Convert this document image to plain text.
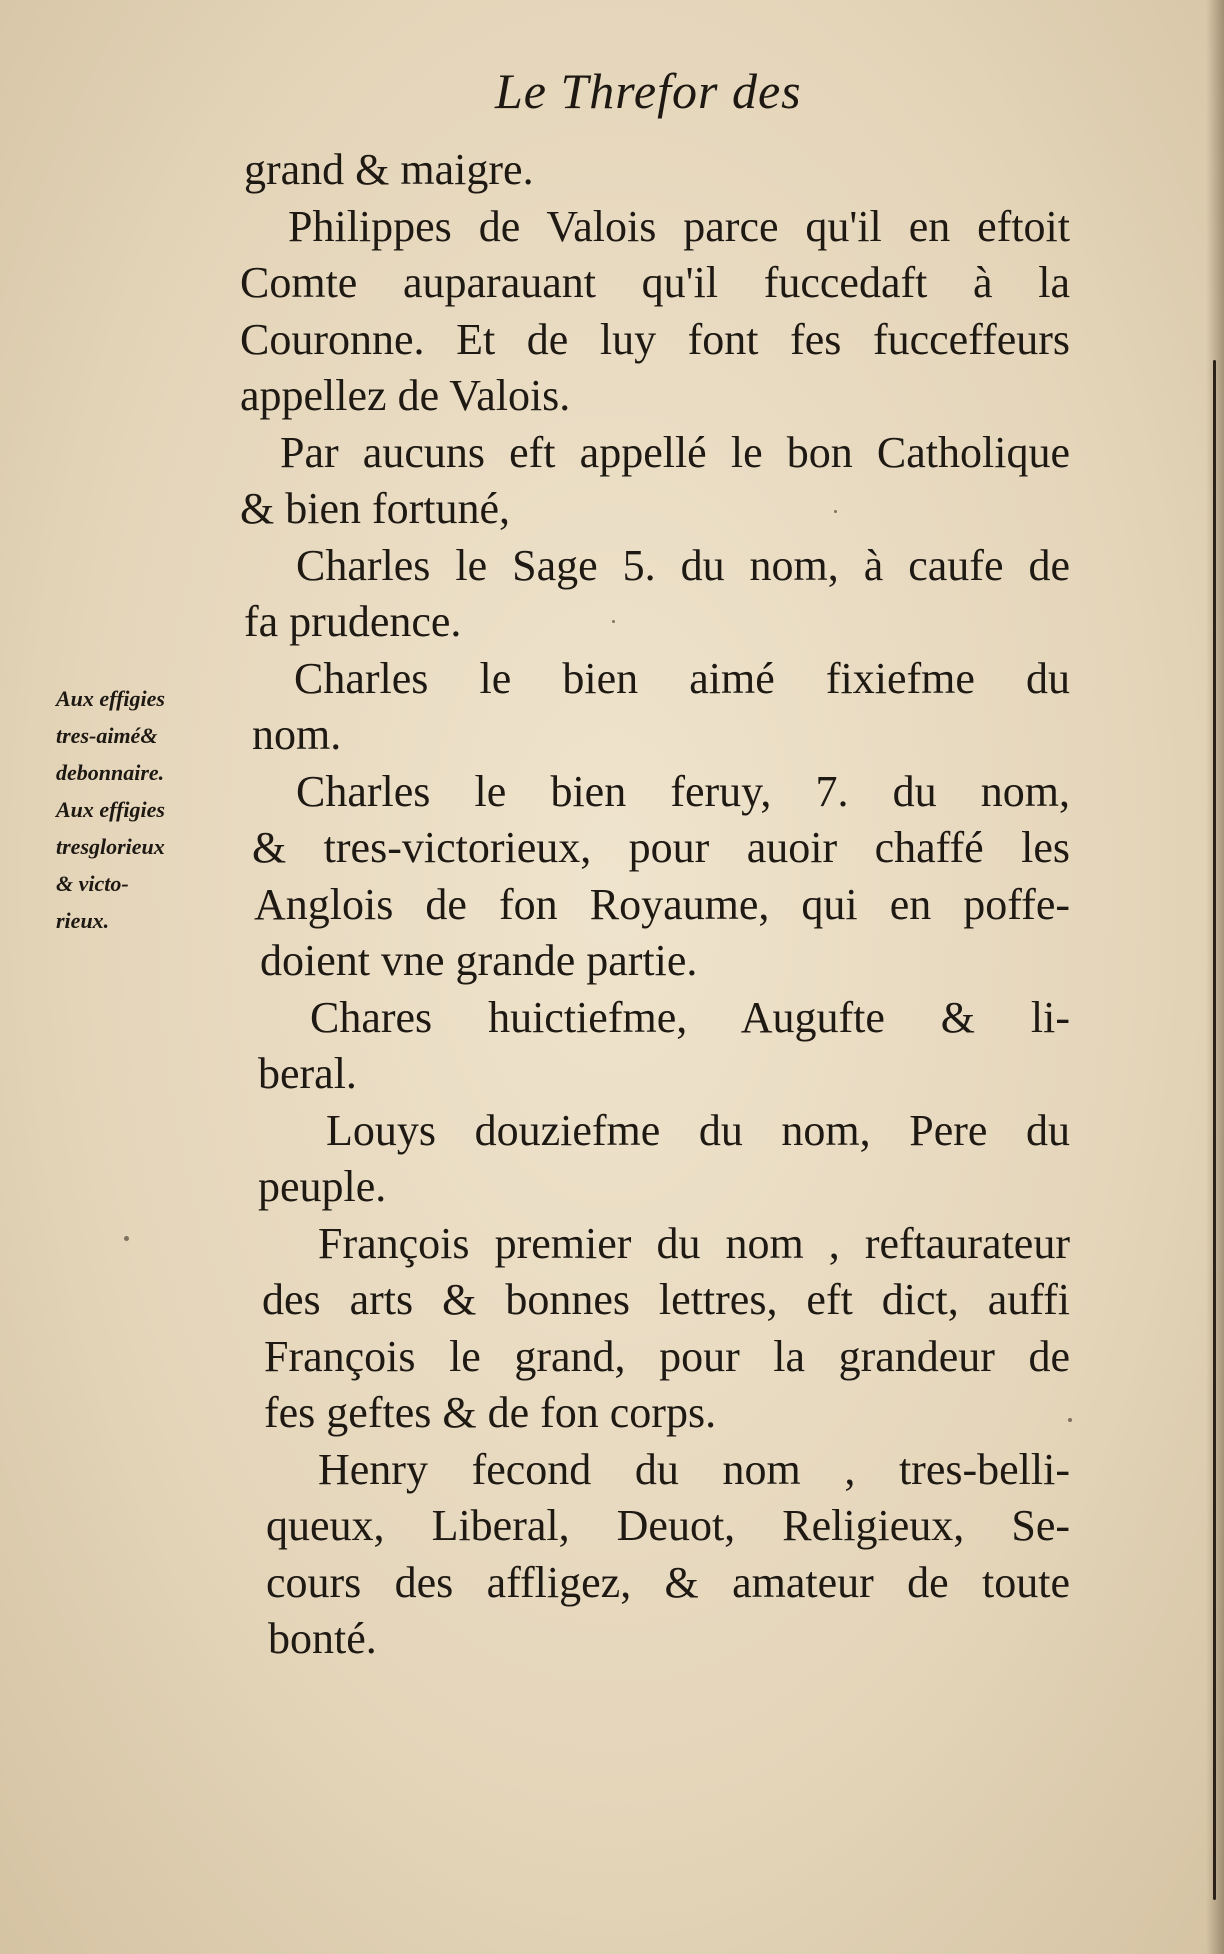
Le Threfor des
Aux effigies
tres-aimé&
debonnaire.
Aux effigies
tresglorieux
& victo-
rieux.
grand & maigre.
Philippes de Valois parce qu'il en eftoit
Comte auparauant qu'il fuccedaft à la
Couronne. Et de luy font fes fucceffeurs
appellez de Valois.
Par aucuns eft appellé le bon Catholique
& bien fortuné,
Charles le Sage 5. du nom, à caufe de
fa prudence.
Charles le bien aimé fixiefme du
nom.
Charles le bien feruy, 7. du nom,
& tres-victorieux, pour auoir chaffé les
Anglois de fon Royaume, qui en poffe-
doient vne grande partie.
Chares huictiefme, Augufte & li-
beral.
Louys douziefme du nom, Pere du
peuple.
François premier du nom , reftaurateur
des arts & bonnes lettres, eft dict, auffi
François le grand, pour la grandeur de
fes geftes & de fon corps.
Henry fecond du nom , tres-belli-
queux, Liberal, Deuot, Religieux, Se-
cours des affligez, & amateur de toute
bonté.
